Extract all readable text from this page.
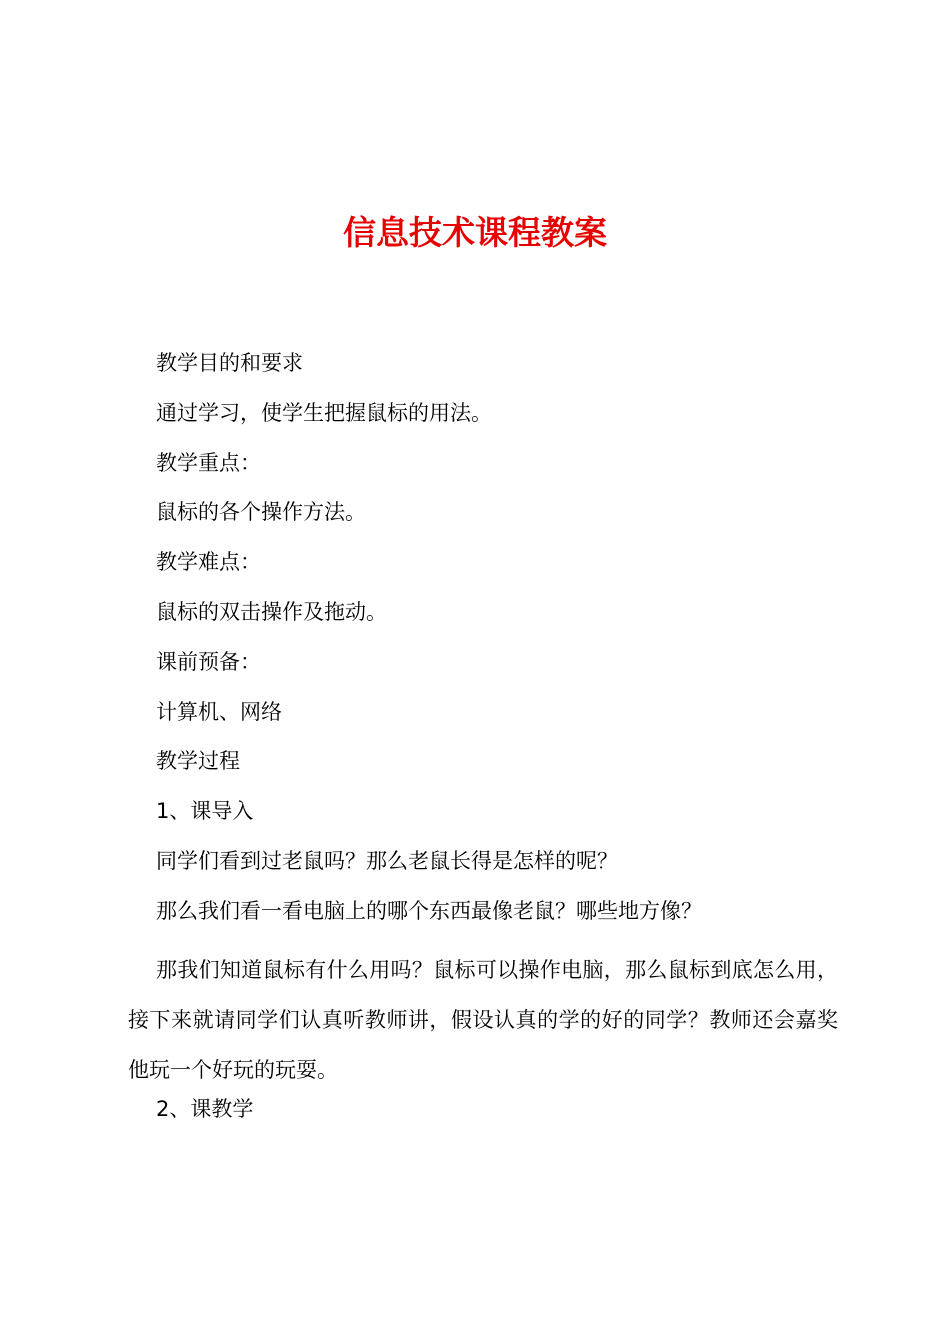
信息技术课程教案

教学目的和要求

通过学习，使学生把握鼠标的用法。

教学重点：

鼠标的各个操作方法。

教学难点：

鼠标的双击操作及拖动。

课前预备：

计算机、网络

教学过程

1、课导入

同学们看到过老鼠吗？那么老鼠长得是怎样的呢？

那么我们看一看电脑上的哪个东西最像老鼠？哪些地方像？

那我们知道鼠标有什么用吗？鼠标可以操作电脑，那么鼠标到底怎么用，接下来就请同学们认真听教师讲，假设认真的学的好的同学？教师还会嘉奖他玩一个好玩的玩耍。

2、课教学
